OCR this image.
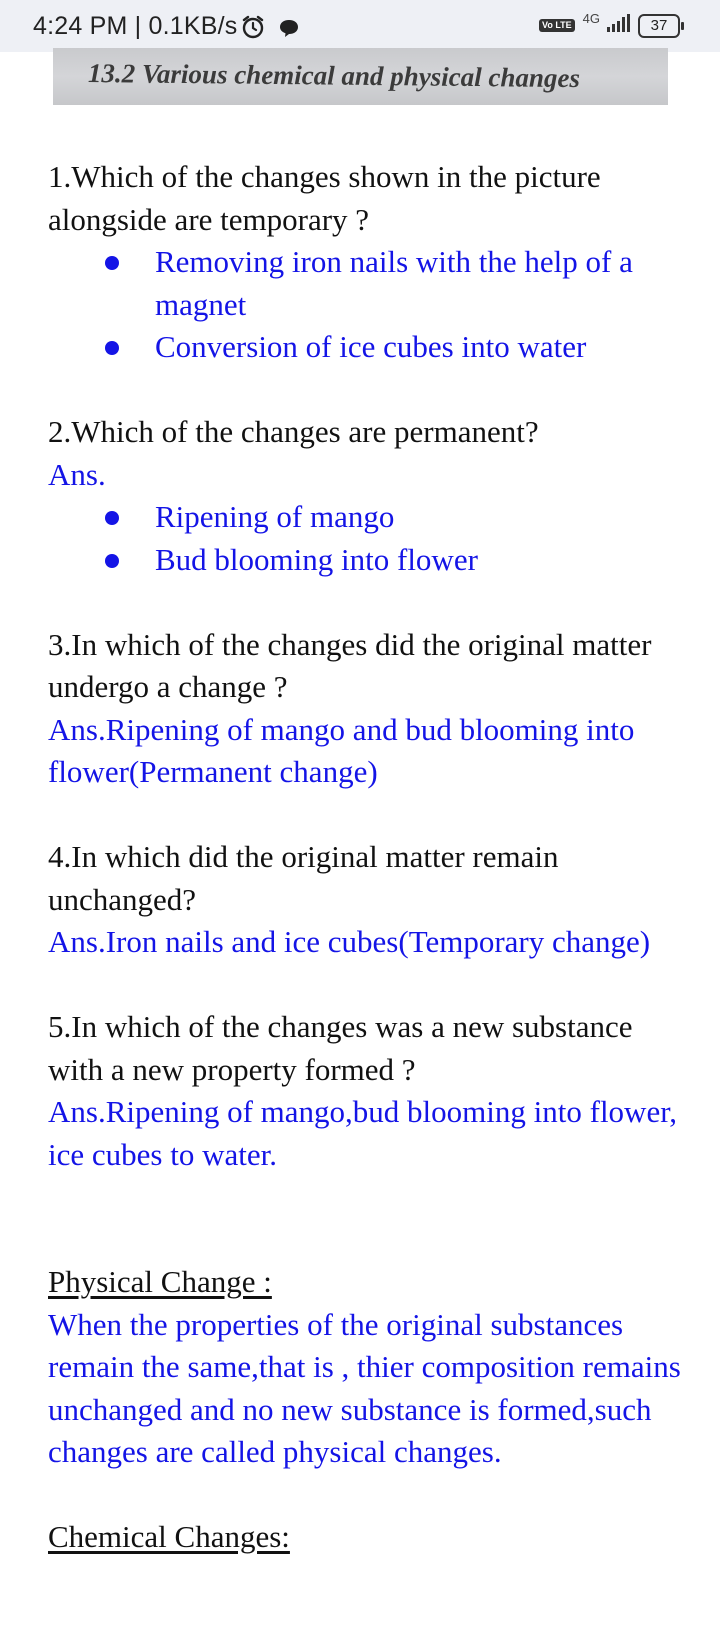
4:24 PM | 0.1KB/s	Vo LTE 4G	37
13.2 Various chemical and physical changes

1.Which of the changes shown in the picture alongside are temporary ?

Removing iron nails with the help of a magnet
Conversion of ice cubes into water

2.Which of the changes are permanent?

Ans.

Ripening of mango
Bud blooming into flower

3.In which of the changes did the original matter undergo a change ?

Ans.Ripening of mango and bud blooming into flower(Permanent change)

4.In which did the original matter remain unchanged?

Ans.Iron nails and ice cubes(Temporary change)

5.In which of the changes was a new substance with a new property formed ?

Ans.Ripening of mango,bud blooming into flower, ice cubes to water.

Physical Change :

When the properties of the original substances remain the same,that is , thier composition remains unchanged and no new substance is formed,such changes are called physical changes.

Chemical Changes:
